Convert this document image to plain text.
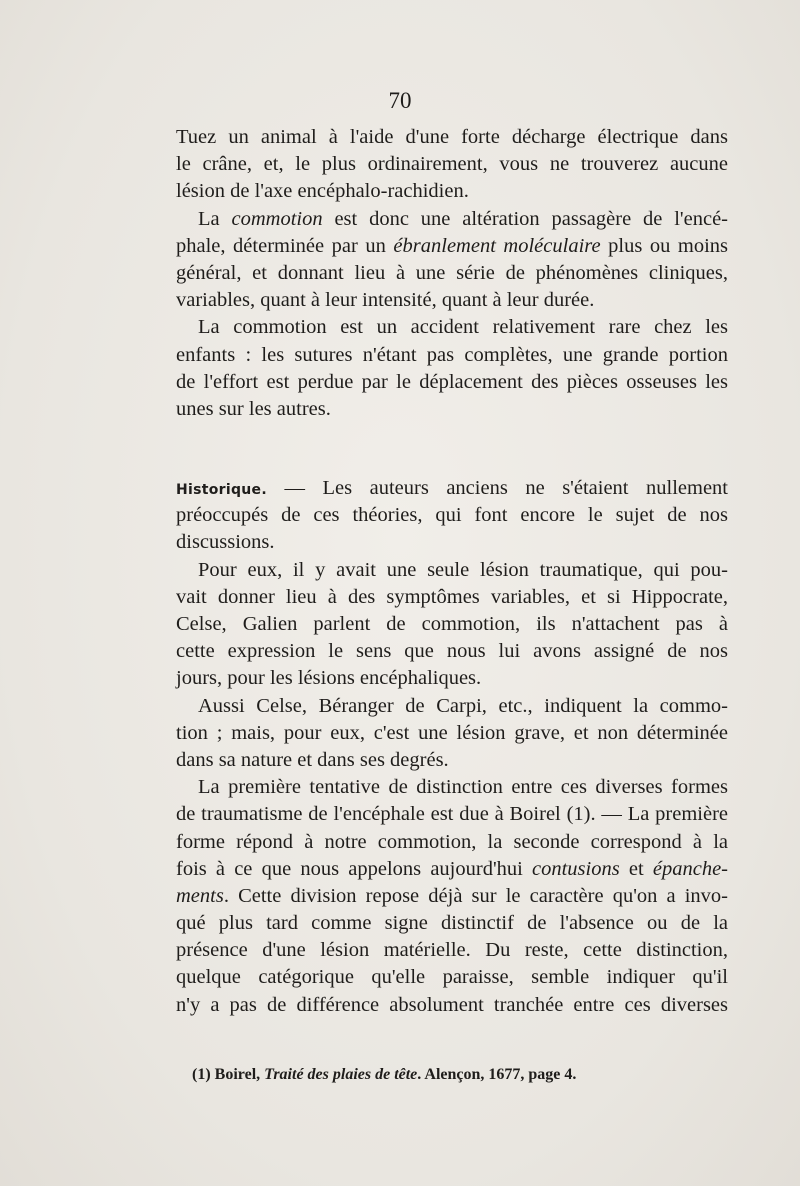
70
Tuez un animal à l'aide d'une forte décharge électrique dans
le crâne, et, le plus ordinairement, vous ne trouverez aucune
lésion de l'axe encéphalo-rachidien.
La commotion est donc une altération passagère de l'encé-
phale, déterminée par un ébranlement moléculaire plus ou moins
général, et donnant lieu à une série de phénomènes cliniques,
variables, quant à leur intensité, quant à leur durée.
La commotion est un accident relativement rare chez les
enfants : les sutures n'étant pas complètes, une grande portion
de l'effort est perdue par le déplacement des pièces osseuses les
unes sur les autres.
Historique. — Les auteurs anciens ne s'étaient nullement
préoccupés de ces théories, qui font encore le sujet de nos
discussions.
Pour eux, il y avait une seule lésion traumatique, qui pou-
vait donner lieu à des symptômes variables, et si Hippocrate,
Celse, Galien parlent de commotion, ils n'attachent pas à
cette expression le sens que nous lui avons assigné de nos
jours, pour les lésions encéphaliques.
Aussi Celse, Béranger de Carpi, etc., indiquent la commo-
tion ; mais, pour eux, c'est une lésion grave, et non déterminée
dans sa nature et dans ses degrés.
La première tentative de distinction entre ces diverses formes
de traumatisme de l'encéphale est due à Boirel (1). — La première
forme répond à notre commotion, la seconde correspond à la
fois à ce que nous appelons aujourd'hui contusions et épanche-
ments. Cette division repose déjà sur le caractère qu'on a invo-
qué plus tard comme signe distinctif de l'absence ou de la
présence d'une lésion matérielle. Du reste, cette distinction,
quelque catégorique qu'elle paraisse, semble indiquer qu'il
n'y a pas de différence absolument tranchée entre ces diverses
(1) Boirel, Traité des plaies de tête. Alençon, 1677, page 4.
